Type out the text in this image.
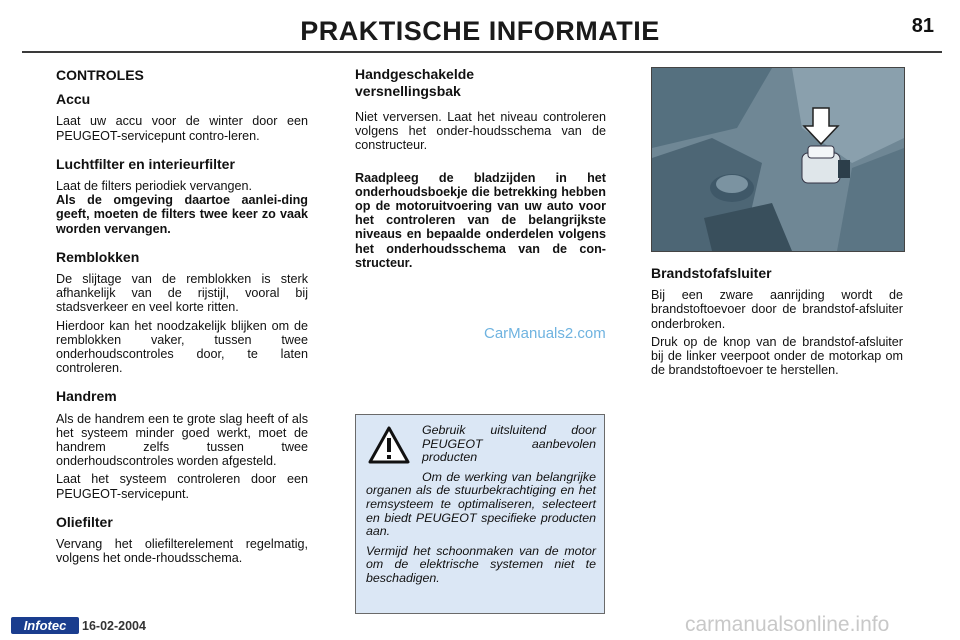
PRAKTISCHE INFORMATIE	81
CONTROLES
Accu

Laat uw accu voor de winter door een PEUGEOT-servicepunt contro-leren.

Luchtfilter en interieurfilter

Laat de filters periodiek vervangen.

Als de omgeving daartoe aanlei-ding geeft, moeten de filters twee keer zo vaak worden vervangen.

Remblokken

De slijtage van de remblokken is sterk afhankelijk van de rijstijl, vooral bij stadsverkeer en veel korte ritten.

Hierdoor kan het noodzakelijk blijken om de remblokken vaker, tussen twee onderhoudscontroles door, te laten controleren.

Handrem

Als de handrem een te grote slag heeft of als het systeem minder goed werkt, moet de handrem zelfs tussen twee onderhoudscontroles worden afgesteld.

Laat het systeem controleren door een PEUGEOT-servicepunt.

Oliefilter

Vervang het oliefilterelement regelmatig, volgens het onde-rhoudsschema.

Handgeschakelde versnellingsbak

Niet verversen. Laat het niveau controleren volgens het onder-houdsschema van de constructeur.

Raadpleeg de bladzijden in het onderhoudsboekje die betrekking hebben op de motoruitvoering van uw auto voor het controleren van de belangrijkste niveaus en bepaalde onderdelen volgens het onderhoudsschema van de con-structeur.

CarManuals2.com

Gebruik uitsluitend door PEUGEOT aanbevolen producten

Om de werking van belangrijke organen als de stuurbekrachtiging en het remsysteem te optimaliseren, selecteert en biedt PEUGEOT specifieke producten aan.

Vermijd het schoonmaken van de motor om de elektrische systemen niet te beschadigen.

Brandstofafsluiter

Bij een zware aanrijding wordt de brandstoftoevoer door de brandstof-afsluiter onderbroken.

Druk op de knop van de brandstof-afsluiter bij de linker veerpoot onder de motorkap om de brandstoftoevoer te herstellen.

Infotec	16-02-2004	carmanualsonline.info
